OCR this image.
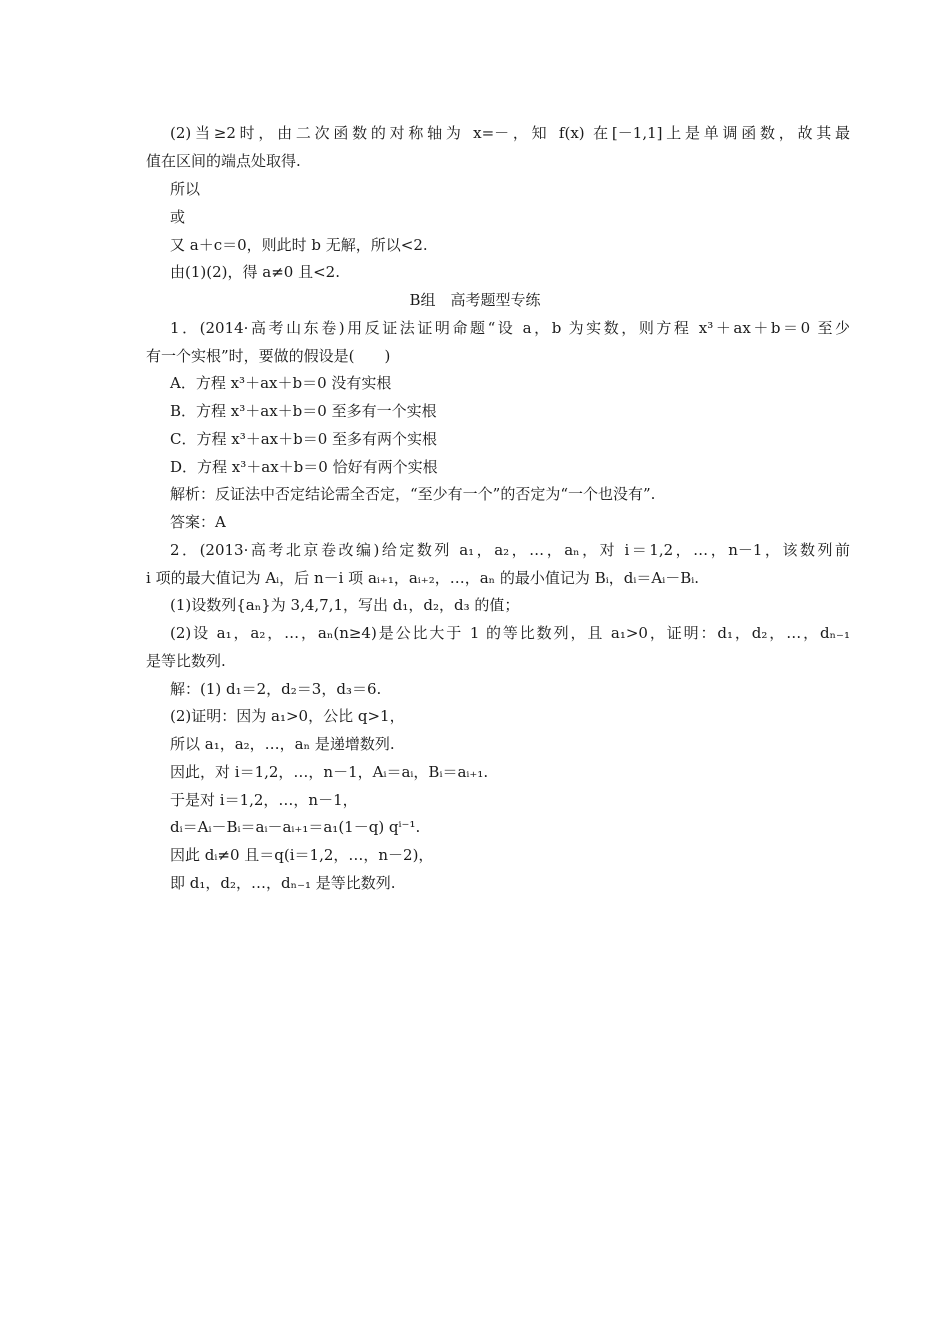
(2)当≥2时，由二次函数的对称轴为 x=－，知 f(x) 在[－1,1]上是单调函数，故其最
值在区间的端点处取得.
所以
或
又 a＋c＝0，则此时 b 无解，所以<2.
由(1)(2)，得 a≠0 且<2.
B组　高考题型专练
1．(2014·高考山东卷)用反证法证明命题“设 a，b 为实数，则方程 x³＋ax＋b＝0 至少
有一个实根”时，要做的假设是(　　)
A．方程 x³＋ax＋b＝0 没有实根
B．方程 x³＋ax＋b＝0 至多有一个实根
C．方程 x³＋ax＋b＝0 至多有两个实根
D．方程 x³＋ax＋b＝0 恰好有两个实根
解析：反证法中否定结论需全否定，“至少有一个”的否定为“一个也没有”.
答案：A
2．(2013·高考北京卷改编)给定数列 a₁，a₂，…，aₙ，对 i＝1,2，…，n－1，该数列前
i 项的最大值记为 Aᵢ，后 n－i 项 aᵢ₊₁，aᵢ₊₂，…，aₙ 的最小值记为 Bᵢ，dᵢ＝Aᵢ－Bᵢ.
(1)设数列{aₙ}为 3,4,7,1，写出 d₁，d₂，d₃ 的值；
(2)设 a₁，a₂，…，aₙ(n≥4)是公比大于 1 的等比数列，且 a₁>0，证明：d₁，d₂，…，dₙ₋₁
是等比数列.
解：(1) d₁＝2，d₂＝3，d₃＝6.
(2)证明：因为 a₁>0，公比 q>1，
所以 a₁，a₂，…，aₙ 是递增数列.
因此，对 i＝1,2，…，n－1，Aᵢ＝aᵢ，Bᵢ＝aᵢ₊₁.
于是对 i＝1,2，…，n－1，
dᵢ＝Aᵢ－Bᵢ＝aᵢ－aᵢ₊₁＝a₁(1－q) qⁱ⁻¹.
因此 dᵢ≠0 且＝q(i＝1,2，…，n－2)，
即 d₁，d₂，…，dₙ₋₁ 是等比数列.
